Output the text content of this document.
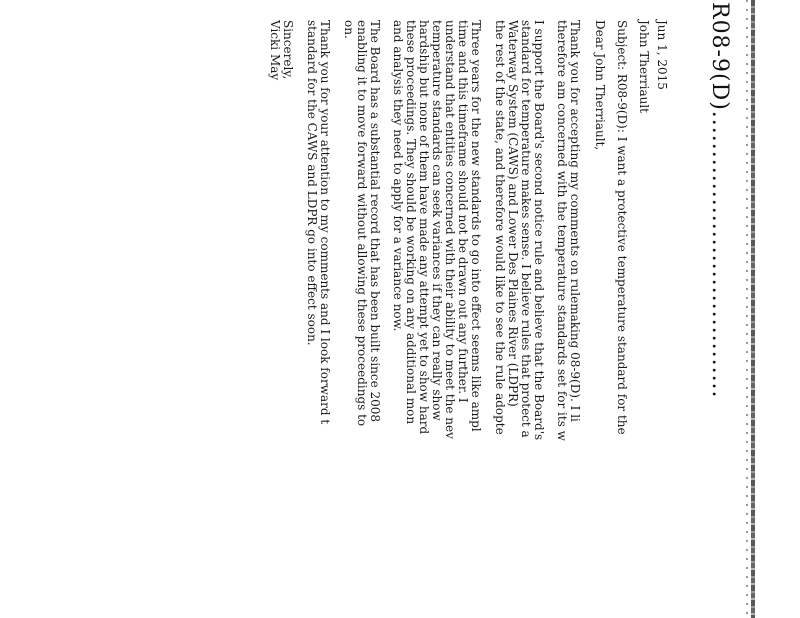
R08-9(D)....................................
Jun 1, 2015
John Therriault
Subject: R08-9(D): I want a protective temperature standard for the
Dear John Therriault,
Thank you for accepting my comments on rulemaking 08-9(D). I li
therefore am concerned with the temperature standards set for its w
I support the Board's second notice rule and believe that the Board's
standard for temperature makes sense. I believe rules that protect a
Waterway System (CAWS) and Lower Des Plaines River (LDPR)
the rest of the state, and therefore would like to see the rule adopte
Three years for the new standards to go into effect seems like ampl
time and this timeframe should not be drawn out any further. I
understand that entities concerned with their ability to meet the nev
temperature standards can seek variances if they can really show
hardship but none of them have made any attempt yet to show hard
these proceedings. They should be working on any additional mon
and analysis they need to apply for a variance now.
The Board has a substantial record that has been built since 2008
enabling it to move forward without allowing these proceedings to
on.
Thank you for your attention to my comments and I look forward t
standard for the CAWS and LDPR go into effect soon.
Sincerely,
Vicki May
